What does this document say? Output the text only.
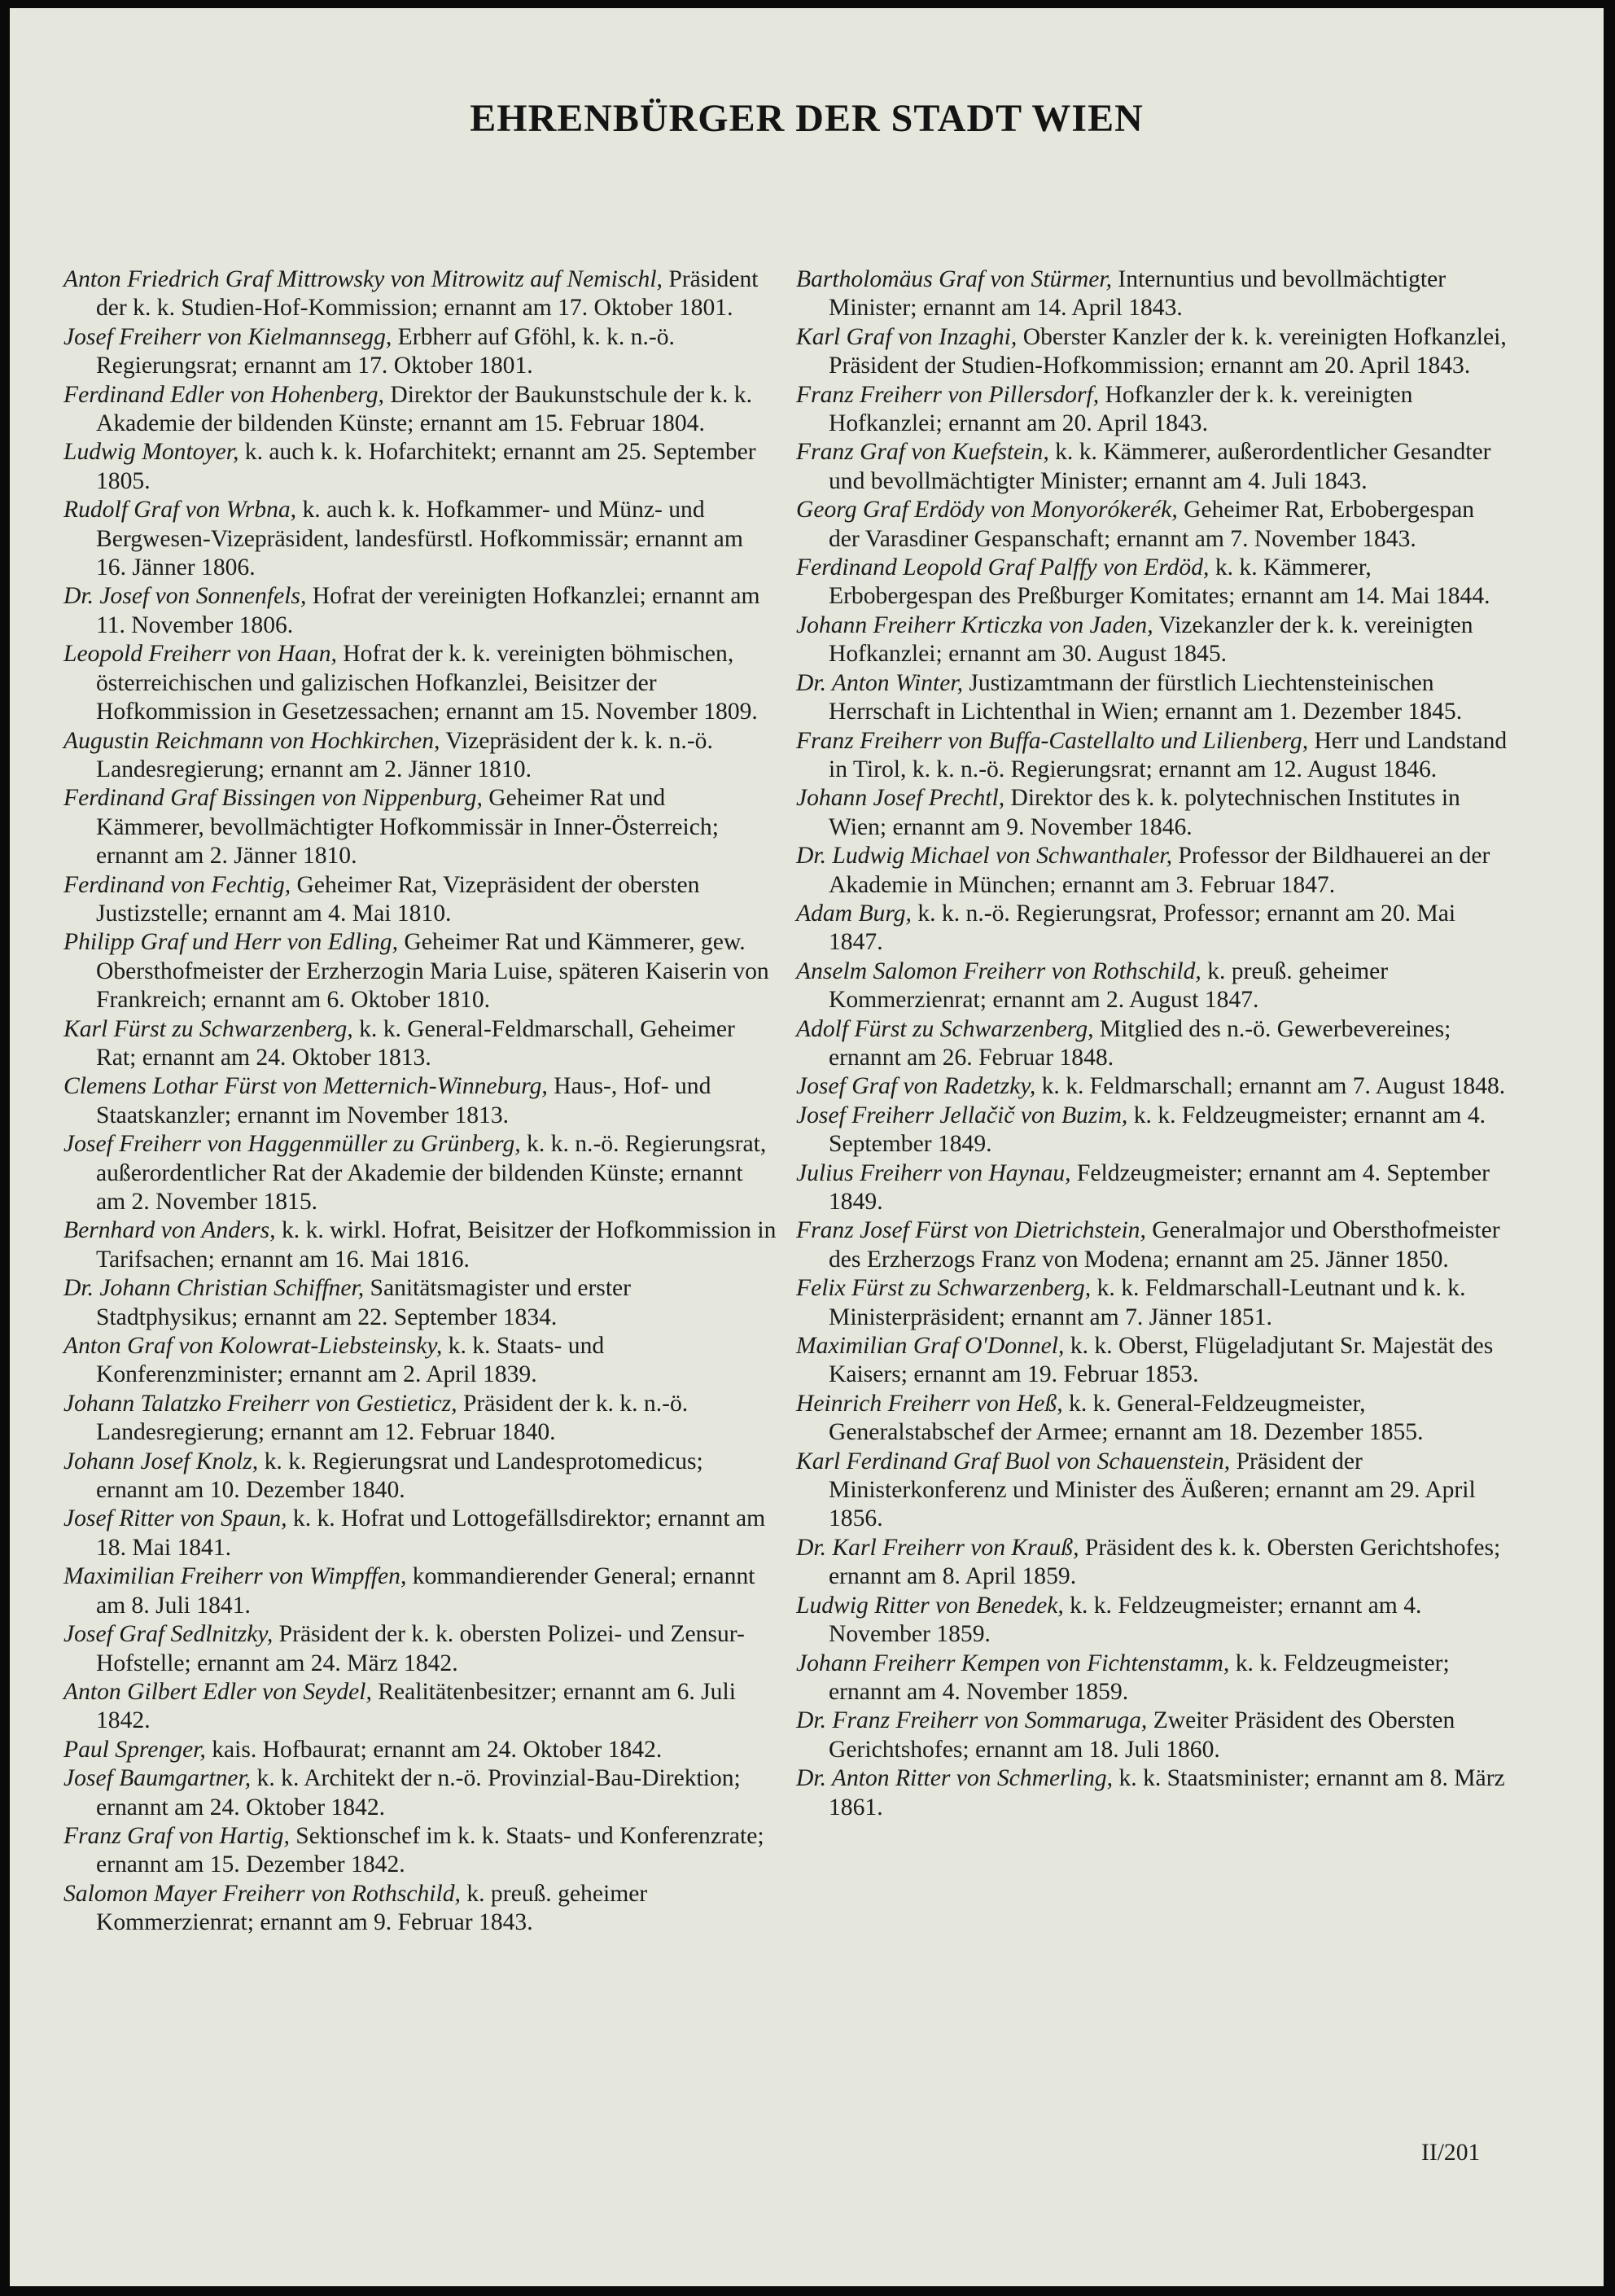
EHRENBÜRGER DER STADT WIEN
Anton Friedrich Graf Mittrowsky von Mitrowitz auf Nemischl, Präsident der k. k. Studien-Hof-Kommission; ernannt am 17. Oktober 1801.
Josef Freiherr von Kielmannsegg, Erbherr auf Gföhl, k. k. n.-ö. Regierungsrat; ernannt am 17. Oktober 1801.
Ferdinand Edler von Hohenberg, Direktor der Baukunstschule der k. k. Akademie der bildenden Künste; ernannt am 15. Februar 1804.
Ludwig Montoyer, k. auch k. k. Hofarchitekt; ernannt am 25. September 1805.
Rudolf Graf von Wrbna, k. auch k. k. Hofkammer- und Münz- und Bergwesen-Vizepräsident, landesfürstl. Hofkommissär; ernannt am 16. Jänner 1806.
Dr. Josef von Sonnenfels, Hofrat der vereinigten Hofkanzlei; ernannt am 11. November 1806.
Leopold Freiherr von Haan, Hofrat der k. k. vereinigten böhmischen, österreichischen und galizischen Hofkanzlei, Beisitzer der Hofkommission in Gesetzessachen; ernannt am 15. November 1809.
Augustin Reichmann von Hochkirchen, Vizepräsident der k. k. n.-ö. Landesregierung; ernannt am 2. Jänner 1810.
Ferdinand Graf Bissingen von Nippenburg, Geheimer Rat und Kämmerer, bevollmächtigter Hofkommissär in Inner-Österreich; ernannt am 2. Jänner 1810.
Ferdinand von Fechtig, Geheimer Rat, Vizepräsident der obersten Justizstelle; ernannt am 4. Mai 1810.
Philipp Graf und Herr von Edling, Geheimer Rat und Kämmerer, gew. Obersthofmeister der Erzherzogin Maria Luise, späteren Kaiserin von Frankreich; ernannt am 6. Oktober 1810.
Karl Fürst zu Schwarzenberg, k. k. General-Feldmarschall, Geheimer Rat; ernannt am 24. Oktober 1813.
Clemens Lothar Fürst von Metternich-Winneburg, Haus-, Hof- und Staatskanzler; ernannt im November 1813.
Josef Freiherr von Haggenmüller zu Grünberg, k. k. n.-ö. Regierungsrat, außerordentlicher Rat der Akademie der bildenden Künste; ernannt am 2. November 1815.
Bernhard von Anders, k. k. wirkl. Hofrat, Beisitzer der Hofkommission in Tarifsachen; ernannt am 16. Mai 1816.
Dr. Johann Christian Schiffner, Sanitätsmagister und erster Stadtphysikus; ernannt am 22. September 1834.
Anton Graf von Kolowrat-Liebsteinsky, k. k. Staats- und Konferenzminister; ernannt am 2. April 1839.
Johann Talatzko Freiherr von Gestieticz, Präsident der k. k. n.-ö. Landesregierung; ernannt am 12. Februar 1840.
Johann Josef Knolz, k. k. Regierungsrat und Landesprotomedicus; ernannt am 10. Dezember 1840.
Josef Ritter von Spaun, k. k. Hofrat und Lottogefällsdirektor; ernannt am 18. Mai 1841.
Maximilian Freiherr von Wimpffen, kommandierender General; ernannt am 8. Juli 1841.
Josef Graf Sedlnitzky, Präsident der k. k. obersten Polizei- und Zensur-Hofstelle; ernannt am 24. März 1842.
Anton Gilbert Edler von Seydel, Realitätenbesitzer; ernannt am 6. Juli 1842.
Paul Sprenger, kais. Hofbaurat; ernannt am 24. Oktober 1842.
Josef Baumgartner, k. k. Architekt der n.-ö. Provinzial-Bau-Direktion; ernannt am 24. Oktober 1842.
Franz Graf von Hartig, Sektionschef im k. k. Staats- und Konferenzrate; ernannt am 15. Dezember 1842.
Salomon Mayer Freiherr von Rothschild, k. preuß. geheimer Kommerzienrat; ernannt am 9. Februar 1843.
Bartholomäus Graf von Stürmer, Internuntius und bevollmächtigter Minister; ernannt am 14. April 1843.
Karl Graf von Inzaghi, Oberster Kanzler der k. k. vereinigten Hofkanzlei, Präsident der Studien-Hofkommission; ernannt am 20. April 1843.
Franz Freiherr von Pillersdorf, Hofkanzler der k. k. vereinigten Hofkanzlei; ernannt am 20. April 1843.
Franz Graf von Kuefstein, k. k. Kämmerer, außerordentlicher Gesandter und bevollmächtigter Minister; ernannt am 4. Juli 1843.
Georg Graf Erdödy von Monyorókerék, Geheimer Rat, Erbobergespan der Varasdiner Gespanschaft; ernannt am 7. November 1843.
Ferdinand Leopold Graf Palffy von Erdöd, k. k. Kämmerer, Erbobergespan des Preßburger Komitates; ernannt am 14. Mai 1844.
Johann Freiherr Krticzka von Jaden, Vizekanzler der k. k. vereinigten Hofkanzlei; ernannt am 30. August 1845.
Dr. Anton Winter, Justizamtmann der fürstlich Liechtensteinischen Herrschaft in Lichtenthal in Wien; ernannt am 1. Dezember 1845.
Franz Freiherr von Buffa-Castellalto und Lilienberg, Herr und Landstand in Tirol, k. k. n.-ö. Regierungsrat; ernannt am 12. August 1846.
Johann Josef Prechtl, Direktor des k. k. polytechnischen Institutes in Wien; ernannt am 9. November 1846.
Dr. Ludwig Michael von Schwanthaler, Professor der Bildhauerei an der Akademie in München; ernannt am 3. Februar 1847.
Adam Burg, k. k. n.-ö. Regierungsrat, Professor; ernannt am 20. Mai 1847.
Anselm Salomon Freiherr von Rothschild, k. preuß. geheimer Kommerzienrat; ernannt am 2. August 1847.
Adolf Fürst zu Schwarzenberg, Mitglied des n.-ö. Gewerbevereines; ernannt am 26. Februar 1848.
Josef Graf von Radetzky, k. k. Feldmarschall; ernannt am 7. August 1848.
Josef Freiherr Jellačič von Buzim, k. k. Feldzeugmeister; ernannt am 4. September 1849.
Julius Freiherr von Haynau, Feldzeugmeister; ernannt am 4. September 1849.
Franz Josef Fürst von Dietrichstein, Generalmajor und Obersthofmeister des Erzherzogs Franz von Modena; ernannt am 25. Jänner 1850.
Felix Fürst zu Schwarzenberg, k. k. Feldmarschall-Leutnant und k. k. Ministerpräsident; ernannt am 7. Jänner 1851.
Maximilian Graf O'Donnel, k. k. Oberst, Flügeladjutant Sr. Majestät des Kaisers; ernannt am 19. Februar 1853.
Heinrich Freiherr von Heß, k. k. General-Feldzeugmeister, Generalstabschef der Armee; ernannt am 18. Dezember 1855.
Karl Ferdinand Graf Buol von Schauenstein, Präsident der Ministerkonferenz und Minister des Äußeren; ernannt am 29. April 1856.
Dr. Karl Freiherr von Krauß, Präsident des k. k. Obersten Gerichtshofes; ernannt am 8. April 1859.
Ludwig Ritter von Benedek, k. k. Feldzeugmeister; ernannt am 4. November 1859.
Johann Freiherr Kempen von Fichtenstamm, k. k. Feldzeugmeister; ernannt am 4. November 1859.
Dr. Franz Freiherr von Sommaruga, Zweiter Präsident des Obersten Gerichtshofes; ernannt am 18. Juli 1860.
Dr. Anton Ritter von Schmerling, k. k. Staatsminister; ernannt am 8. März 1861.
II/201
